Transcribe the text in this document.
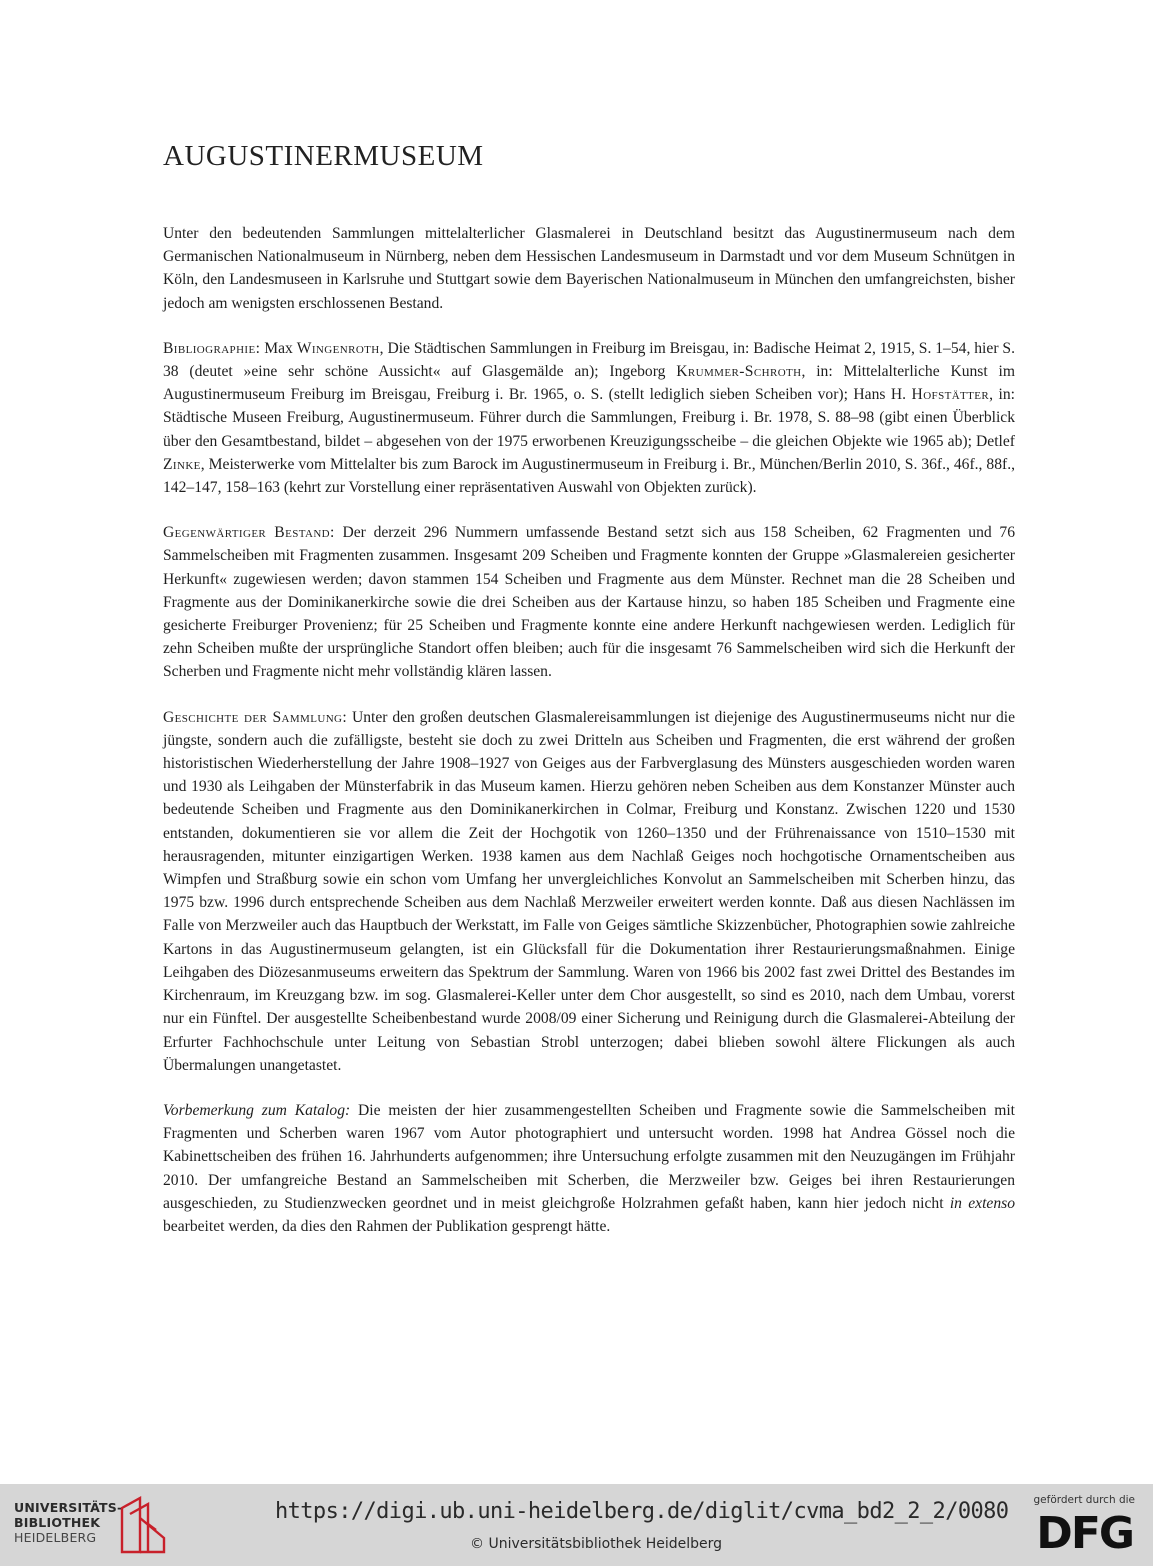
AUGUSTINERMUSEUM

Unter den bedeutenden Sammlungen mittelalterlicher Glasmalerei in Deutschland besitzt das Augustinermuseum nach dem Germanischen Nationalmuseum in Nürnberg, neben dem Hessischen Landesmuseum in Darmstadt und vor dem Museum Schnütgen in Köln, den Landesmuseen in Karlsruhe und Stuttgart sowie dem Bayerischen Nationalmuseum in München den umfangreichsten, bisher jedoch am wenigsten erschlossenen Bestand.

Bibliographie: Max Wingenroth, Die Städtischen Sammlungen in Freiburg im Breisgau, in: Badische Heimat 2, 1915, S. 1–54, hier S. 38 (deutet »eine sehr schöne Aussicht« auf Glasgemälde an); Ingeborg Krummer-Schroth, in: Mittelalterliche Kunst im Augustinermuseum Freiburg im Breisgau, Freiburg i. Br. 1965, o. S. (stellt lediglich sieben Scheiben vor); Hans H. Hofstätter, in: Städtische Museen Freiburg, Augustinermuseum. Führer durch die Sammlungen, Freiburg i. Br. 1978, S. 88–98 (gibt einen Überblick über den Gesamtbestand, bildet – abgesehen von der 1975 erworbenen Kreuzigungsscheibe – die gleichen Objekte wie 1965 ab); Detlef Zinke, Meisterwerke vom Mittelalter bis zum Barock im Augustinermuseum in Freiburg i. Br., München/Berlin 2010, S. 36f., 46f., 88f., 142–147, 158–163 (kehrt zur Vorstellung einer repräsentativen Auswahl von Objekten zurück).

Gegenwärtiger Bestand: Der derzeit 296 Nummern umfassende Bestand setzt sich aus 158 Scheiben, 62 Fragmenten und 76 Sammelscheiben mit Fragmenten zusammen. Insgesamt 209 Scheiben und Fragmente konnten der Gruppe »Glasmalereien gesicherter Herkunft« zugewiesen werden; davon stammen 154 Scheiben und Fragmente aus dem Münster. Rechnet man die 28 Scheiben und Fragmente aus der Dominikanerkirche sowie die drei Scheiben aus der Kartause hinzu, so haben 185 Scheiben und Fragmente eine gesicherte Freiburger Provenienz; für 25 Scheiben und Fragmente konnte eine andere Herkunft nachgewiesen werden. Lediglich für zehn Scheiben mußte der ursprüngliche Standort offen bleiben; auch für die insgesamt 76 Sammelscheiben wird sich die Herkunft der Scherben und Fragmente nicht mehr vollständig klären lassen.

Geschichte der Sammlung: Unter den großen deutschen Glasmalereisammlungen ist diejenige des Augustinermuseums nicht nur die jüngste, sondern auch die zufälligste, besteht sie doch zu zwei Dritteln aus Scheiben und Fragmenten, die erst während der großen historistischen Wiederherstellung der Jahre 1908–1927 von Geiges aus der Farbverglasung des Münsters ausgeschieden worden waren und 1930 als Leihgaben der Münsterfabrik in das Museum kamen. Hierzu gehören neben Scheiben aus dem Konstanzer Münster auch bedeutende Scheiben und Fragmente aus den Dominikanerkirchen in Colmar, Freiburg und Konstanz. Zwischen 1220 und 1530 entstanden, dokumentieren sie vor allem die Zeit der Hochgotik von 1260–1350 und der Frührenaissance von 1510–1530 mit herausragenden, mitunter einzigartigen Werken. 1938 kamen aus dem Nachlaß Geiges noch hochgotische Ornamentscheiben aus Wimpfen und Straßburg sowie ein schon vom Umfang her unvergleichliches Konvolut an Sammelscheiben mit Scherben hinzu, das 1975 bzw. 1996 durch entsprechende Scheiben aus dem Nachlaß Merzweiler erweitert werden konnte. Daß aus diesen Nachlässen im Falle von Merzweiler auch das Hauptbuch der Werkstatt, im Falle von Geiges sämtliche Skizzenbücher, Photographien sowie zahlreiche Kartons in das Augustinermuseum gelangten, ist ein Glücksfall für die Dokumentation ihrer Restaurierungsmaßnahmen. Einige Leihgaben des Diözesanmuseums erweitern das Spektrum der Sammlung. Waren von 1966 bis 2002 fast zwei Drittel des Bestandes im Kirchenraum, im Kreuzgang bzw. im sog. Glasmalerei-Keller unter dem Chor ausgestellt, so sind es 2010, nach dem Umbau, vorerst nur ein Fünftel. Der ausgestellte Scheibenbestand wurde 2008/09 einer Sicherung und Reinigung durch die Glasmalerei-Abteilung der Erfurter Fachhochschule unter Leitung von Sebastian Strobl unterzogen; dabei blieben sowohl ältere Flickungen als auch Übermalungen unangetastet.

Vorbemerkung zum Katalog: Die meisten der hier zusammengestellten Scheiben und Fragmente sowie die Sammelscheiben mit Fragmenten und Scherben waren 1967 vom Autor photographiert und untersucht worden. 1998 hat Andrea Gössel noch die Kabinettscheiben des frühen 16. Jahrhunderts aufgenommen; ihre Untersuchung erfolgte zusammen mit den Neuzugängen im Frühjahr 2010. Der umfangreiche Bestand an Sammelscheiben mit Scherben, die Merzweiler bzw. Geiges bei ihren Restaurierungen ausgeschieden, zu Studienzwecken geordnet und in meist gleichgroße Holzrahmen gefaßt haben, kann hier jedoch nicht in extenso bearbeitet werden, da dies den Rahmen der Publikation gesprengt hätte.

UNIVERSITÄTS-
BIBLIOTHEK
HEIDELBERG
https://digi.ub.uni-heidelberg.de/diglit/cvma_bd2_2_2/0080
© Universitätsbibliothek Heidelberg
gefördert durch die
DFG
